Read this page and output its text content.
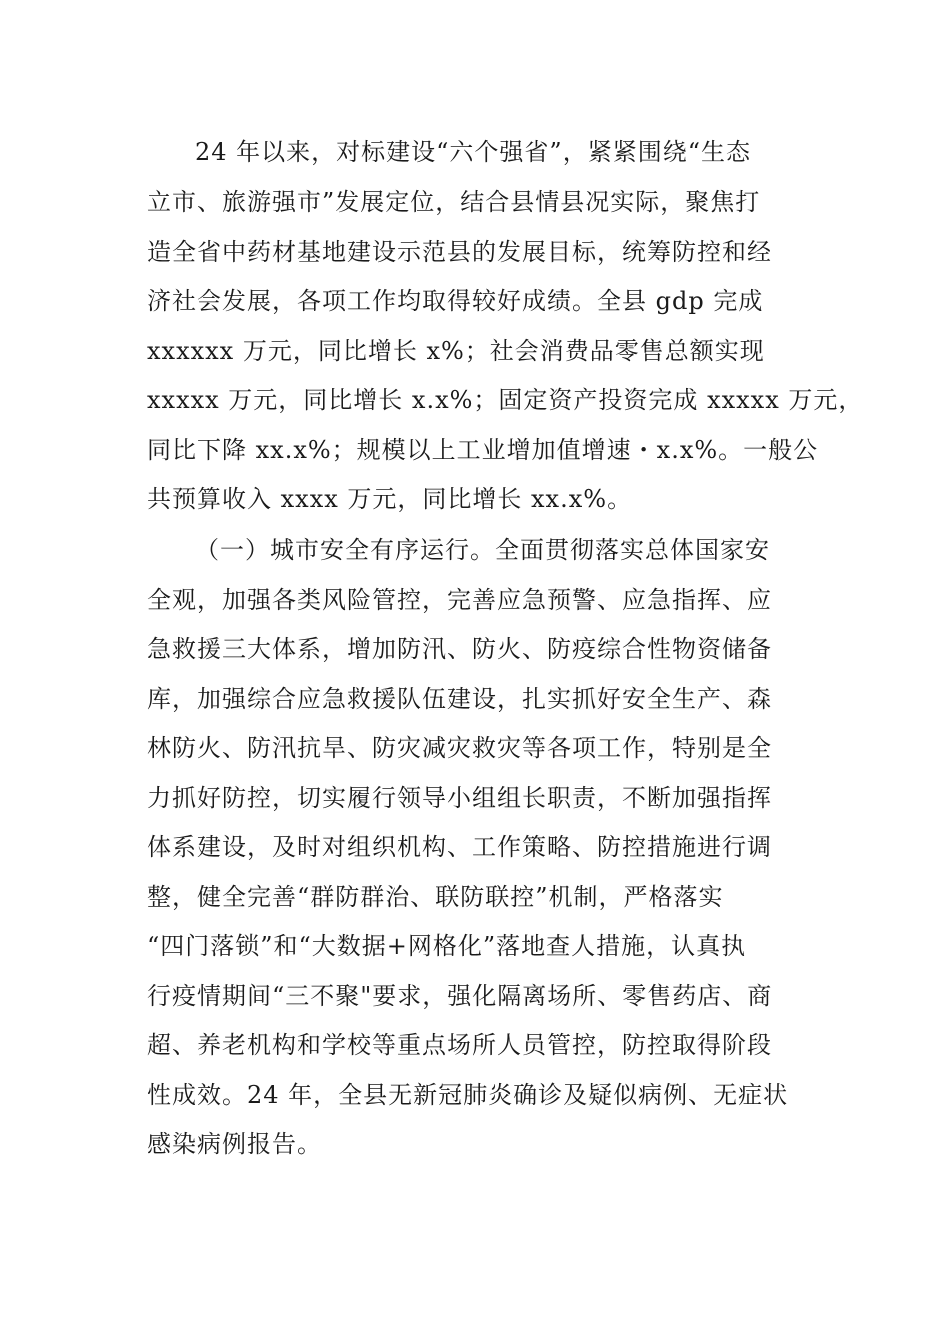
24 年以来，对标建设“六个强省”，紧紧围绕“生态
立市、旅游强市”发展定位，结合县情县况实际，聚焦打
造全省中药材基地建设示范县的发展目标，统筹防控和经
济社会发展，各项工作均取得较好成绩。全县 gdp 完成
xxxxxx 万元，同比增长 x%；社会消费品零售总额实现
xxxxx 万元，同比增长 x.x%；固定资产投资完成 xxxxx 万元，
同比下降 xx.x%；规模以上工业增加值增速・x.x%。一般公
共预算收入 xxxx 万元，同比增长 xx.x%。
（一）城市安全有序运行。全面贯彻落实总体国家安
全观，加强各类风险管控，完善应急预警、应急指挥、应
急救援三大体系，增加防汛、防火、防疫综合性物资储备
库，加强综合应急救援队伍建设，扎实抓好安全生产、森
林防火、防汛抗旱、防灾减灾救灾等各项工作，特别是全
力抓好防控，切实履行领导小组组长职责，不断加强指挥
体系建设，及时对组织机构、工作策略、防控措施进行调
整，健全完善“群防群治、联防联控”机制，严格落实
“四门落锁”和“大数据+网格化”落地查人措施，认真执
行疫情期间“三不聚"要求，强化隔离场所、零售药店、商
超、养老机构和学校等重点场所人员管控，防控取得阶段
性成效。24 年，全县无新冠肺炎确诊及疑似病例、无症状
感染病例报告。
